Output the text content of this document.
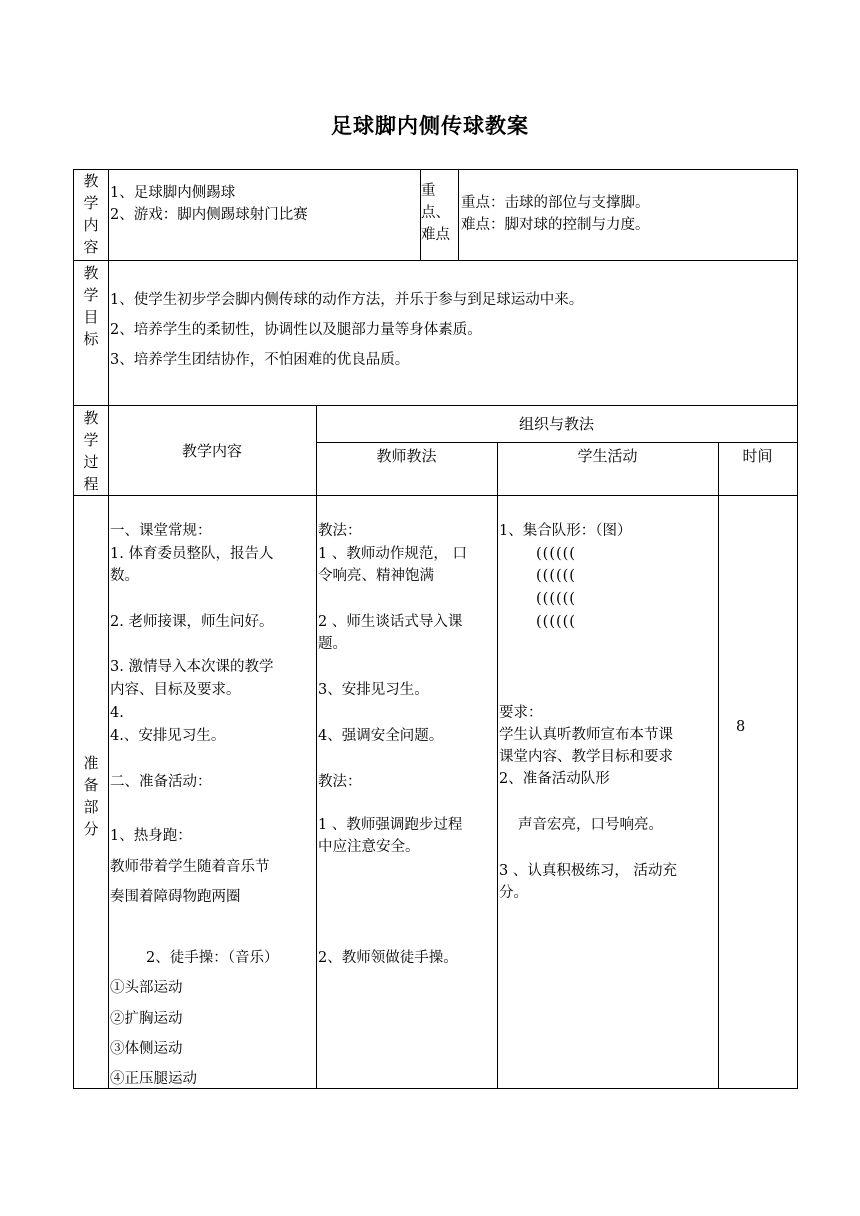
足球脚内侧传球教案
教
学
内
容

1、足球脚内侧踢球

2、游戏：脚内侧踢球射门比赛

重

点、

难点

重点：击球的部位与支撑脚。

难点：脚对球的控制与力度。

教
学
目
标

1、使学生初步学会脚内侧传球的动作方法，并乐于参与到足球运动中来。

2、培养学生的柔韧性，协调性以及腿部力量等身体素质。

3、培养学生团结协作，不怕困难的优良品质。

教
学
过
程
教学内容
组织与教法
教师教法	学生活动	时间
准
备
部
分
一、课堂常规：
1. 体育委员整队，报告人
数。
2. 老师接课，师生问好。
3. 激情导入本次课的教学
内容、目标及要求。
4.
4.、安排见习生。
二、准备活动：
1、热身跑：
教师带着学生随着音乐节
奏围着障碍物跑两圈
2、徒手操：（音乐）
①头部运动
②扩胸运动
③体侧运动
④正压腿运动
教法：
1 、教师动作规范， 口
令响亮、精神饱满
2 、师生谈话式导入课
题。
3、安排见习生。
4、强调安全问题。
教法：
1 、教师强调跑步过程
中应注意安全。
2、教师领做徒手操。
1、集合队形：（图）
((((((
((((((
((((((
((((((
要求：
学生认真听教师宣布本节课
课堂内容、教学目标和要求
2、准备活动队形
声音宏亮，口号响亮。
3 、认真积极练习， 活动充
分。
8
